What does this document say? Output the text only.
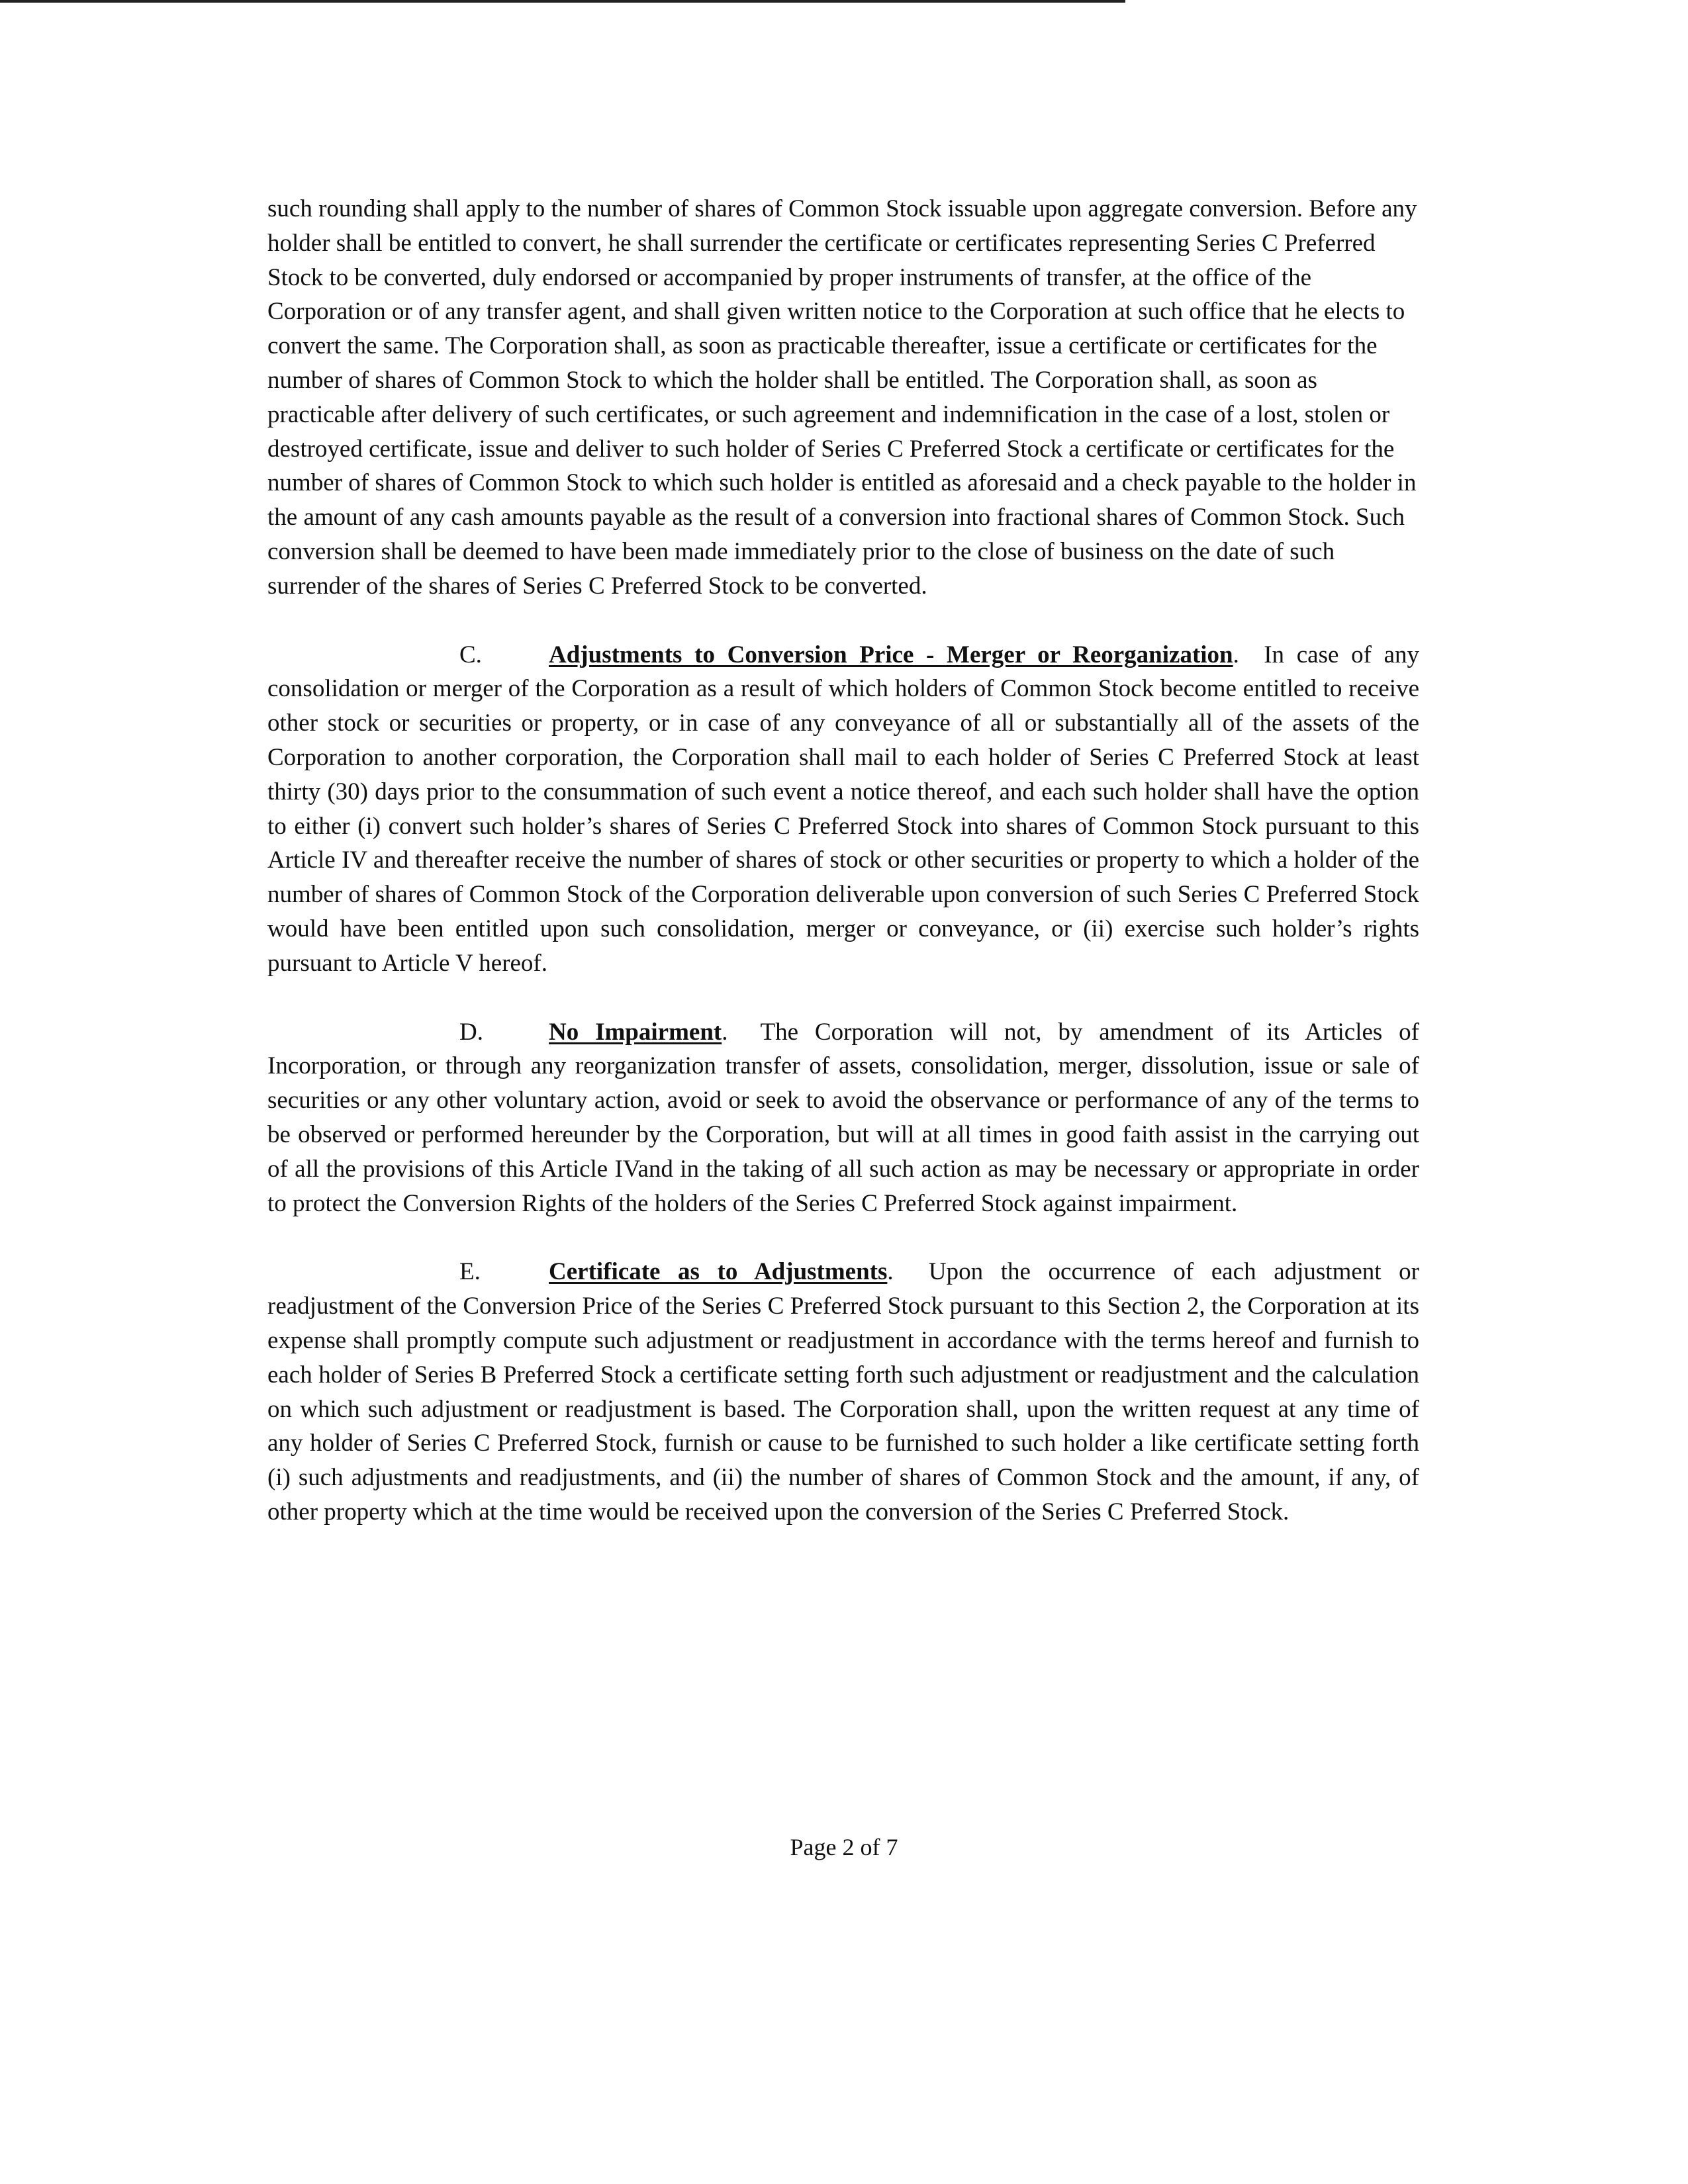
such rounding shall apply to the number of shares of Common Stock issuable upon aggregate conversion. Before any holder shall be entitled to convert, he shall surrender the certificate or certificates representing Series C Preferred Stock to be converted, duly endorsed or accompanied by proper instruments of transfer, at the office of the Corporation or of any transfer agent, and shall given written notice to the Corporation at such office that he elects to convert the same. The Corporation shall, as soon as practicable thereafter, issue a certificate or certificates for the number of shares of Common Stock to which the holder shall be entitled. The Corporation shall, as soon as practicable after delivery of such certificates, or such agreement and indemnification in the case of a lost, stolen or destroyed certificate, issue and deliver to such holder of Series C Preferred Stock a certificate or certificates for the number of shares of Common Stock to which such holder is entitled as aforesaid and a check payable to the holder in the amount of any cash amounts payable as the result of a conversion into fractional shares of Common Stock. Such conversion shall be deemed to have been made immediately prior to the close of business on the date of such surrender of the shares of Series C Preferred Stock to be converted.

C.	Adjustments to Conversion Price - Merger or Reorganization. In case of any consolidation or merger of the Corporation as a result of which holders of Common Stock become entitled to receive other stock or securities or property, or in case of any conveyance of all or substantially all of the assets of the Corporation to another corporation, the Corporation shall mail to each holder of Series C Preferred Stock at least thirty (30) days prior to the consummation of such event a notice thereof, and each such holder shall have the option to either (i) convert such holder’s shares of Series C Preferred Stock into shares of Common Stock pursuant to this Article IV and thereafter receive the number of shares of stock or other securities or property to which a holder of the number of shares of Common Stock of the Corporation deliverable upon conversion of such Series C Preferred Stock would have been entitled upon such consolidation, merger or conveyance, or (ii) exercise such holder’s rights pursuant to Article V hereof.

D.	No Impairment. The Corporation will not, by amendment of its Articles of Incorporation, or through any reorganization transfer of assets, consolidation, merger, dissolution, issue or sale of securities or any other voluntary action, avoid or seek to avoid the observance or performance of any of the terms to be observed or performed hereunder by the Corporation, but will at all times in good faith assist in the carrying out of all the provisions of this Article IVand in the taking of all such action as may be necessary or appropriate in order to protect the Conversion Rights of the holders of the Series C Preferred Stock against impairment.

E.	Certificate as to Adjustments. Upon the occurrence of each adjustment or readjustment of the Conversion Price of the Series C Preferred Stock pursuant to this Section 2, the Corporation at its expense shall promptly compute such adjustment or readjustment in accordance with the terms hereof and furnish to each holder of Series B Preferred Stock a certificate setting forth such adjustment or readjustment and the calculation on which such adjustment or readjustment is based. The Corporation shall, upon the written request at any time of any holder of Series C Preferred Stock, furnish or cause to be furnished to such holder a like certificate setting forth (i) such adjustments and readjustments, and (ii) the number of shares of Common Stock and the amount, if any, of other property which at the time would be received upon the conversion of the Series C Preferred Stock.

Page 2 of 7
